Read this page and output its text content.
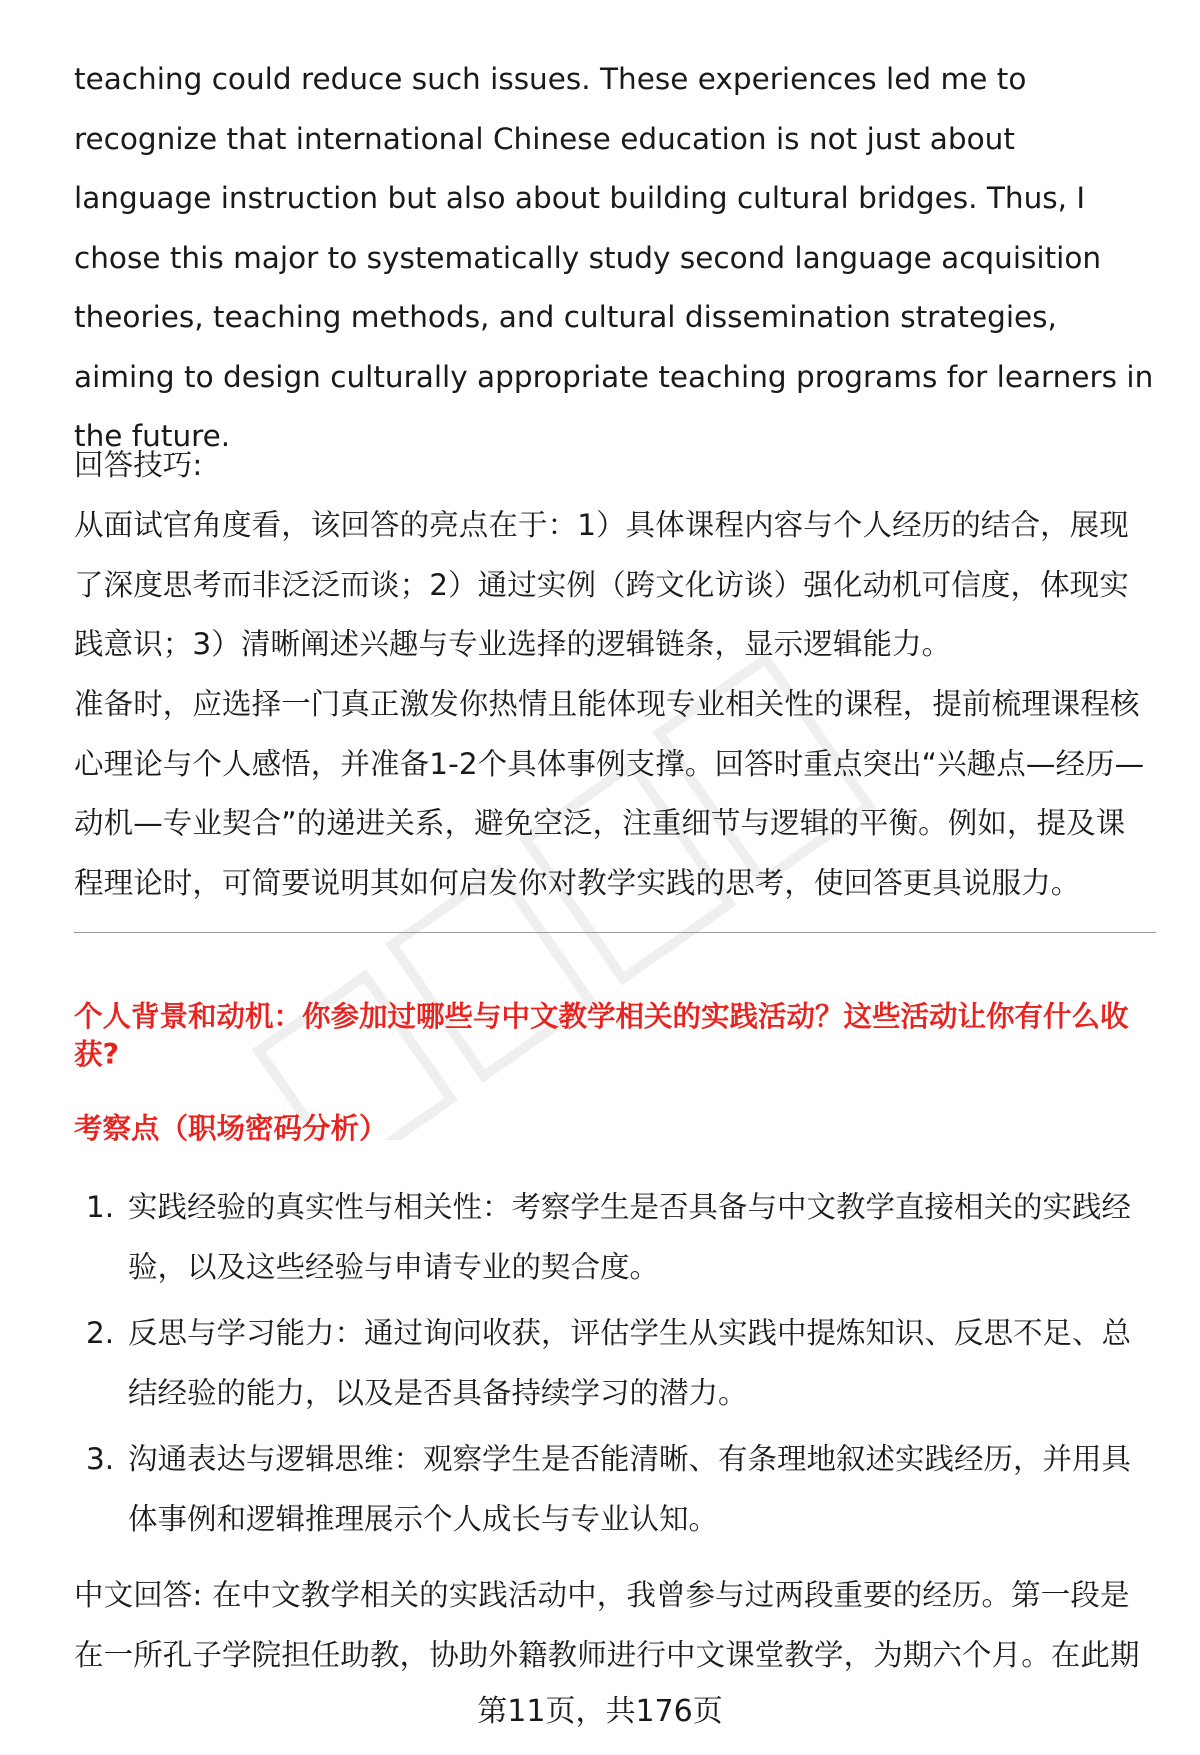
teaching could reduce such issues. These experiences led me to recognize that international Chinese education is not just about language instruction but also about building cultural bridges. Thus, I chose this major to systematically study second language acquisition theories, teaching methods, and cultural dissemination strategies, aiming to design culturally appropriate teaching programs for learners in the future.

回答技巧:

从面试官角度看，该回答的亮点在于：1）具体课程内容与个人经历的结合，展现了深度思考而非泛泛而谈；2）通过实例（跨文化访谈）强化动机可信度，体现实践意识；3）清晰阐述兴趣与专业选择的逻辑链条，显示逻辑能力。

准备时，应选择一门真正激发你热情且能体现专业相关性的课程，提前梳理课程核心理论与个人感悟，并准备1-2个具体事例支撑。回答时重点突出“兴趣点—经历—动机—专业契合”的递进关系，避免空泛，注重细节与逻辑的平衡。例如，提及课程理论时，可简要说明其如何启发你对教学实践的思考，使回答更具说服力。

个人背景和动机：你参加过哪些与中文教学相关的实践活动？这些活动让你有什么收获?
考察点（职场密码分析）
1. 实践经验的真实性与相关性：考察学生是否具备与中文教学直接相关的实践经验，以及这些经验与申请专业的契合度。
2. 反思与学习能力：通过询问收获，评估学生从实践中提炼知识、反思不足、总结经验的能力，以及是否具备持续学习的潜力。
3. 沟通表达与逻辑思维：观察学生是否能清晰、有条理地叙述实践经历，并用具体事例和逻辑推理展示个人成长与专业认知。

中文回答: 在中文教学相关的实践活动中，我曾参与过两段重要的经历。第一段是在一所孔子学院担任助教，协助外籍教师进行中文课堂教学，为期六个月。在此期

第11页，共176页
